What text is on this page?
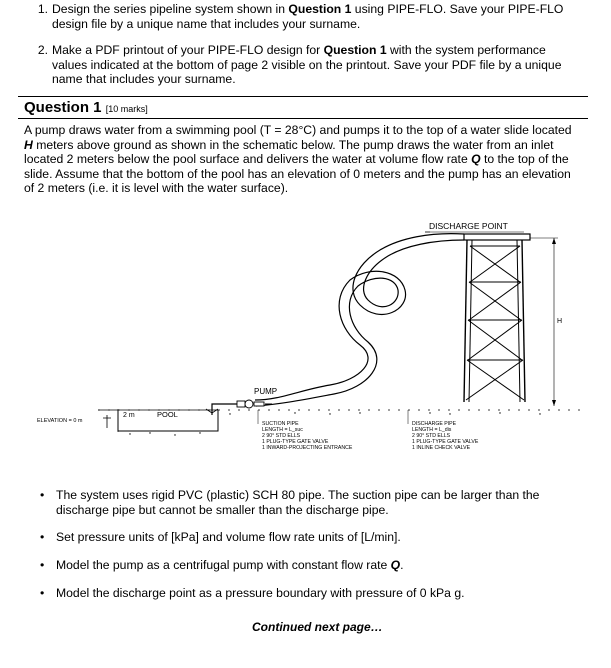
1. Design the series pipeline system shown in Question 1 using PIPE-FLO. Save your PIPE-FLO
design file by a unique name that includes your surname.
2. Make a PDF printout of your PIPE-FLO design for Question 1 with the system performance
values indicated at the bottom of page 2 visible on the printout. Save your PDF file by a unique
name that includes your surname.
Question 1 [10 marks]
A pump draws water from a swimming pool (T = 28°C) and pumps it to the top of a water slide located
H meters above ground as shown in the schematic below. The pump draws the water from an inlet
located 2 meters below the pool surface and delivers the water at volume flow rate Q to the top of the
slide. Assume that the bottom of the pool has an elevation of 0 meters and the pump has an elevation
of 2 meters (i.e. it is level with the water surface).
DISCHARGE POINT
H
PUMP
ELEVATION = 0 m
2 m	POOL
SUCTION PIPE
LENGTH = L_suc
2 90° STD ELLS
1 PLUG-TYPE GATE VALVE
1 INWARD-PROJECTING ENTRANCE
DISCHARGE PIPE
LENGTH = L_dis
2 90° STD ELLS
1 PLUG-TYPE GATE VALVE
1 INLINE CHECK VALVE
• The system uses rigid PVC (plastic) SCH 80 pipe. The suction pipe can be larger than the
discharge pipe but cannot be smaller than the discharge pipe.
• Set pressure units of [kPa] and volume flow rate units of [L/min].
• Model the pump as a centrifugal pump with constant flow rate Q.
• Model the discharge point as a pressure boundary with pressure of 0 kPa g.
Continued next page…
